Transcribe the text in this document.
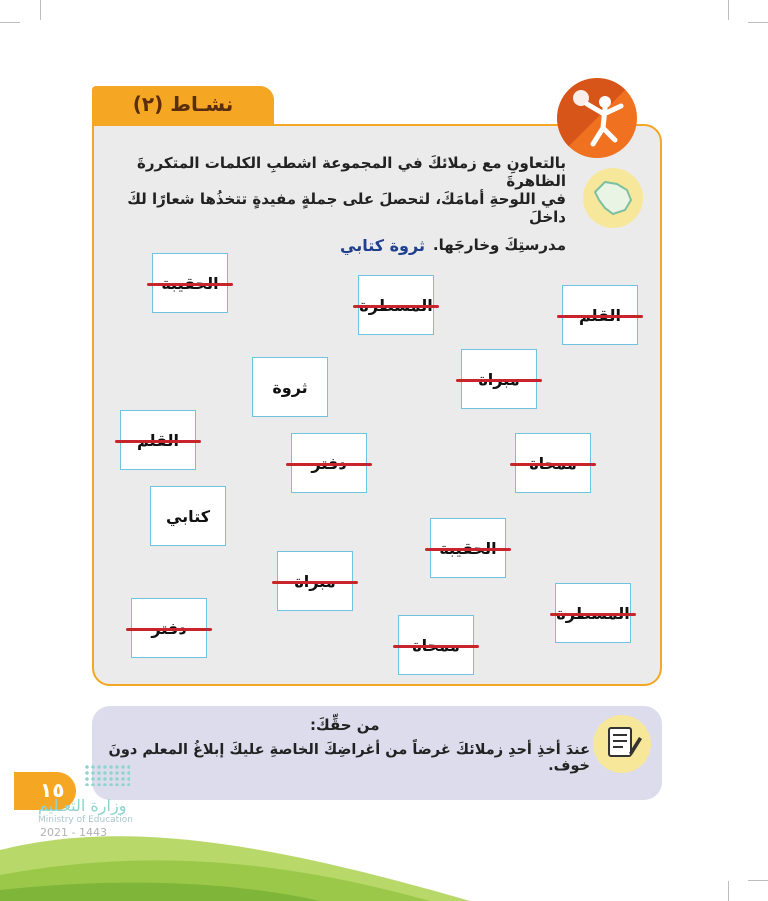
نشـاط (٢)
بالتعاونِ مع زملائكَ في المجموعة اشطبِ الكلمات المتكررةَ الظاهرةَ
في اللوحةِ أمامَكَ، لتحصلَ على جملةٍ مفيدةٍ تتخذُها شعارًا لكَ داخلَ
مدرستِكَ وخارجَها.
ثروة كتابي
ثروة
كتابي
من حقِّكَ:
عندَ أخذِ أحدِ زملائكَ غرضاً من أغراضِكَ الخاصةِ عليكَ إبلاغُ المعلم دونَ خوف.
١٥
وزارة التعـليم
Ministry of Education
2021 - 1443
